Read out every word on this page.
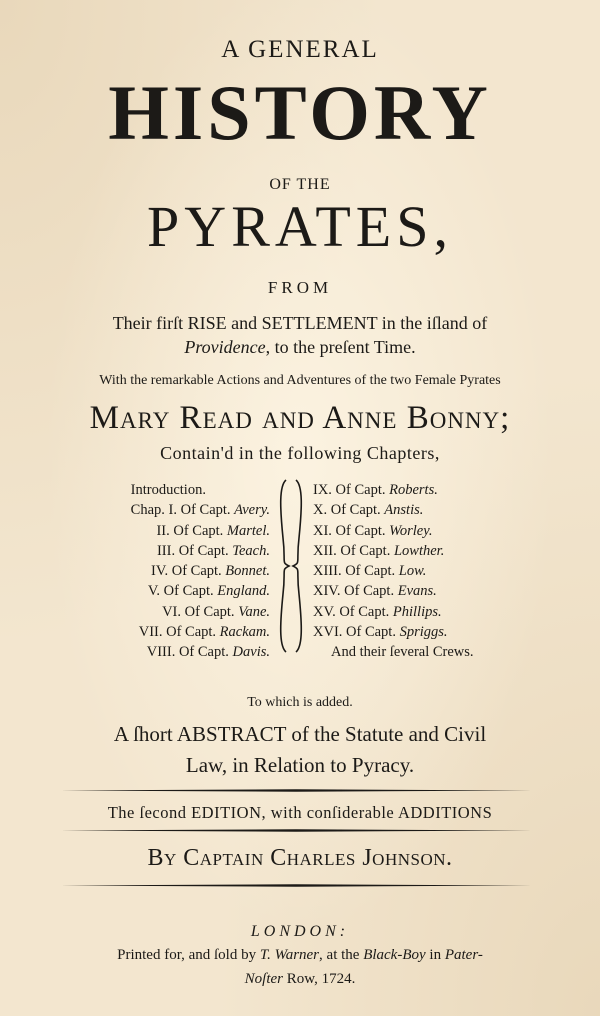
A GENERAL
HISTORY
OF THE
PYRATES,
FROM
Their firſt RISE and SETTLEMENT in the iſland of
Providence, to the preſent Time.
With the remarkable Actions and Adventures of the two Female Pyrates
Mary Read and Anne Bonny;
Contain'd in the following Chapters,
Introduction.
Chap. I. Of Capt. Avery.
II. Of Capt. Martel.
III. Of Capt. Teach.
IV. Of Capt. Bonnet.
V. Of Capt. England.
VI. Of Capt. Vane.
VII. Of Capt. Rackam.
VIII. Of Capt. Davis.
IX. Of Capt. Roberts.
X. Of Capt. Anstis.
XI. Of Capt. Worley.
XII. Of Capt. Lowther.
XIII. Of Capt. Low.
XIV. Of Capt. Evans.
XV. Of Capt. Phillips.
XVI. Of Capt. Spriggs.
And their ſeveral Crews.
To which is added.
A ſhort ABSTRACT of the Statute and Civil
Law, in Relation to Pyracy.
The ſecond EDITION, with conſiderable ADDITIONS
By Captain Charles Johnson.
LONDON:
Printed for, and ſold by T. Warner, at the Black-Boy in Pater-
Noſter Row, 1724.
